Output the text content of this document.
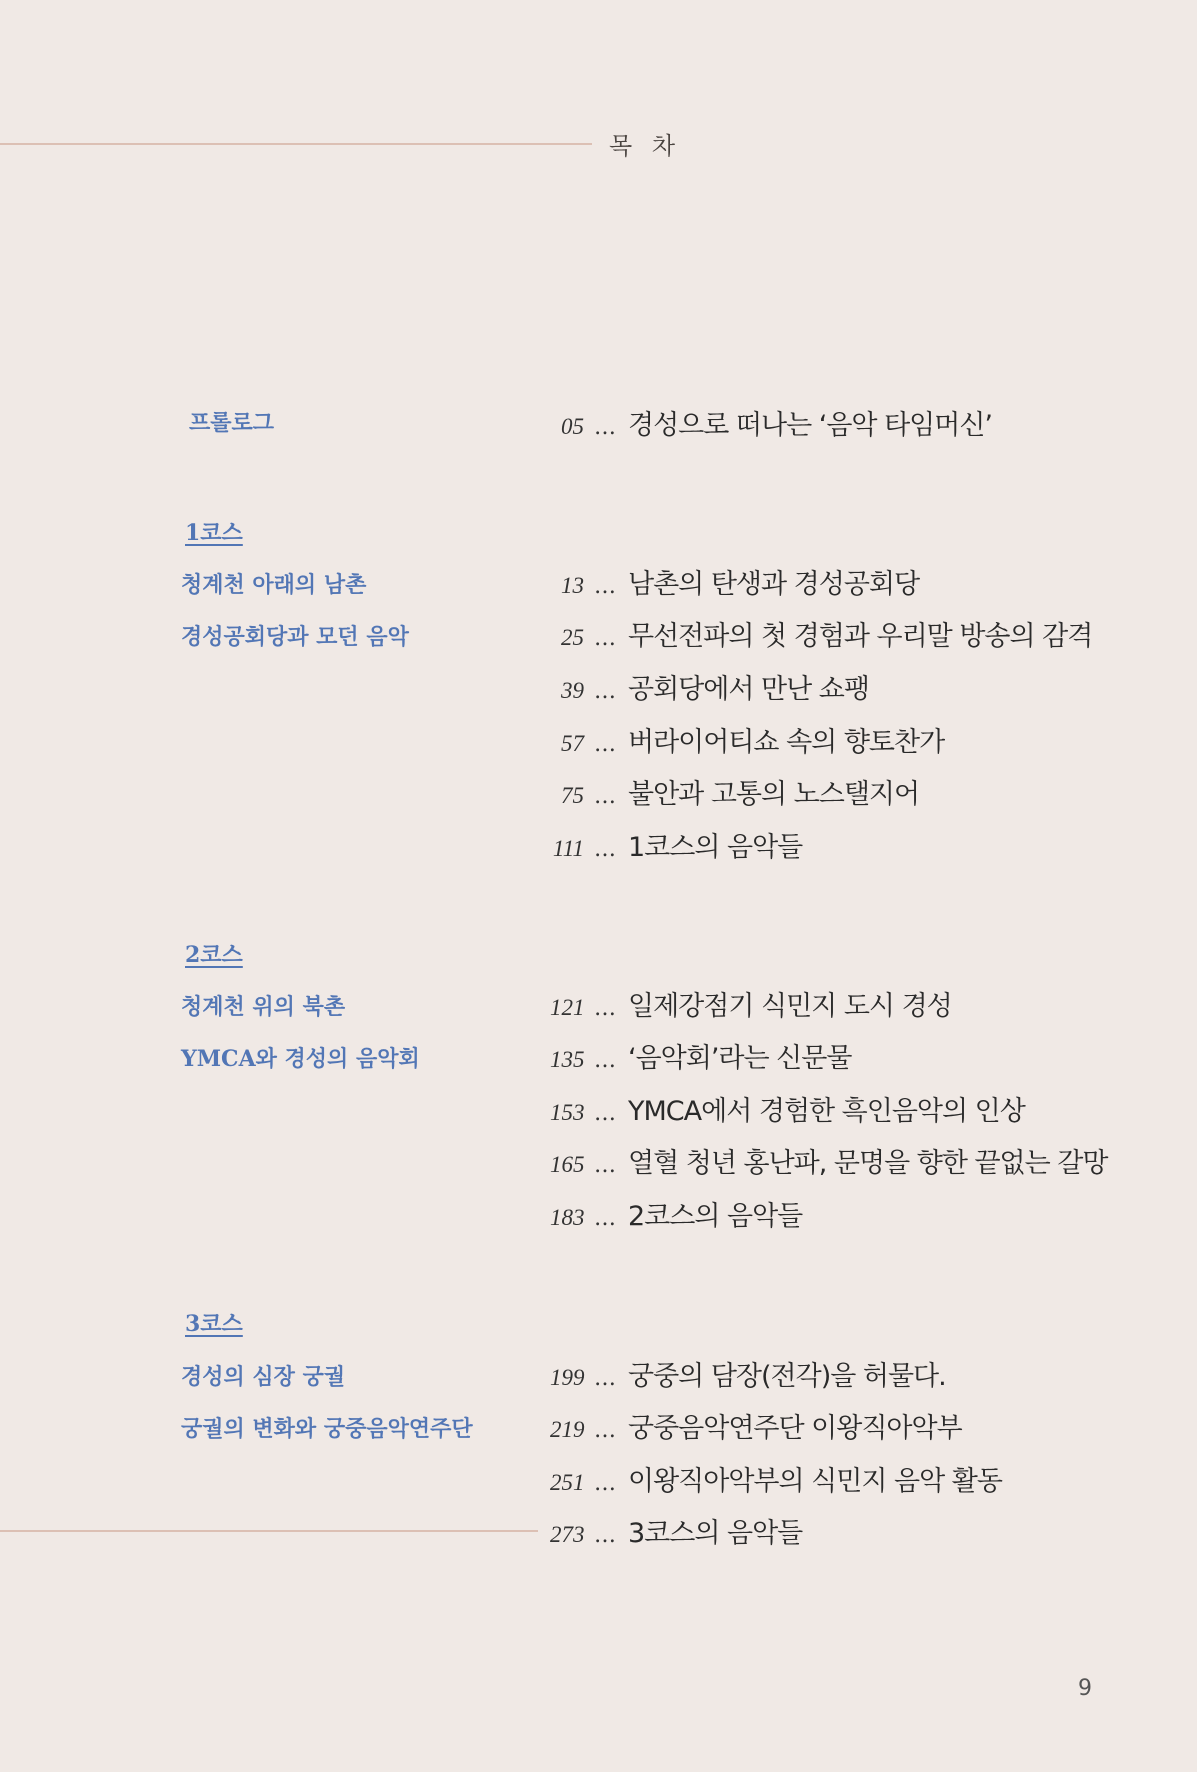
목 차
프롤로그	05 … 경성으로 떠나는 ‘음악 타임머신’
1코스
청계천 아래의 남촌
경성공회당과 모던 음악
13 … 남촌의 탄생과 경성공회당
25 … 무선전파의 첫 경험과 우리말 방송의 감격
39 … 공회당에서 만난 쇼팽
57 … 버라이어티쇼 속의 향토찬가
75 … 불안과 고통의 노스탤지어
111 … 1코스의 음악들
2코스
청계천 위의 북촌
YMCA와 경성의 음악회
121 … 일제강점기 식민지 도시 경성
135 … ‘음악회’라는 신문물
153 … YMCA에서 경험한 흑인음악의 인상
165 … 열혈 청년 홍난파, 문명을 향한 끝없는 갈망
183 … 2코스의 음악들
3코스
경성의 심장 궁궐
궁궐의 변화와 궁중음악연주단
199 … 궁중의 담장(전각)을 허물다.
219 … 궁중음악연주단 이왕직아악부
251 … 이왕직아악부의 식민지 음악 활동
273 … 3코스의 음악들
9
